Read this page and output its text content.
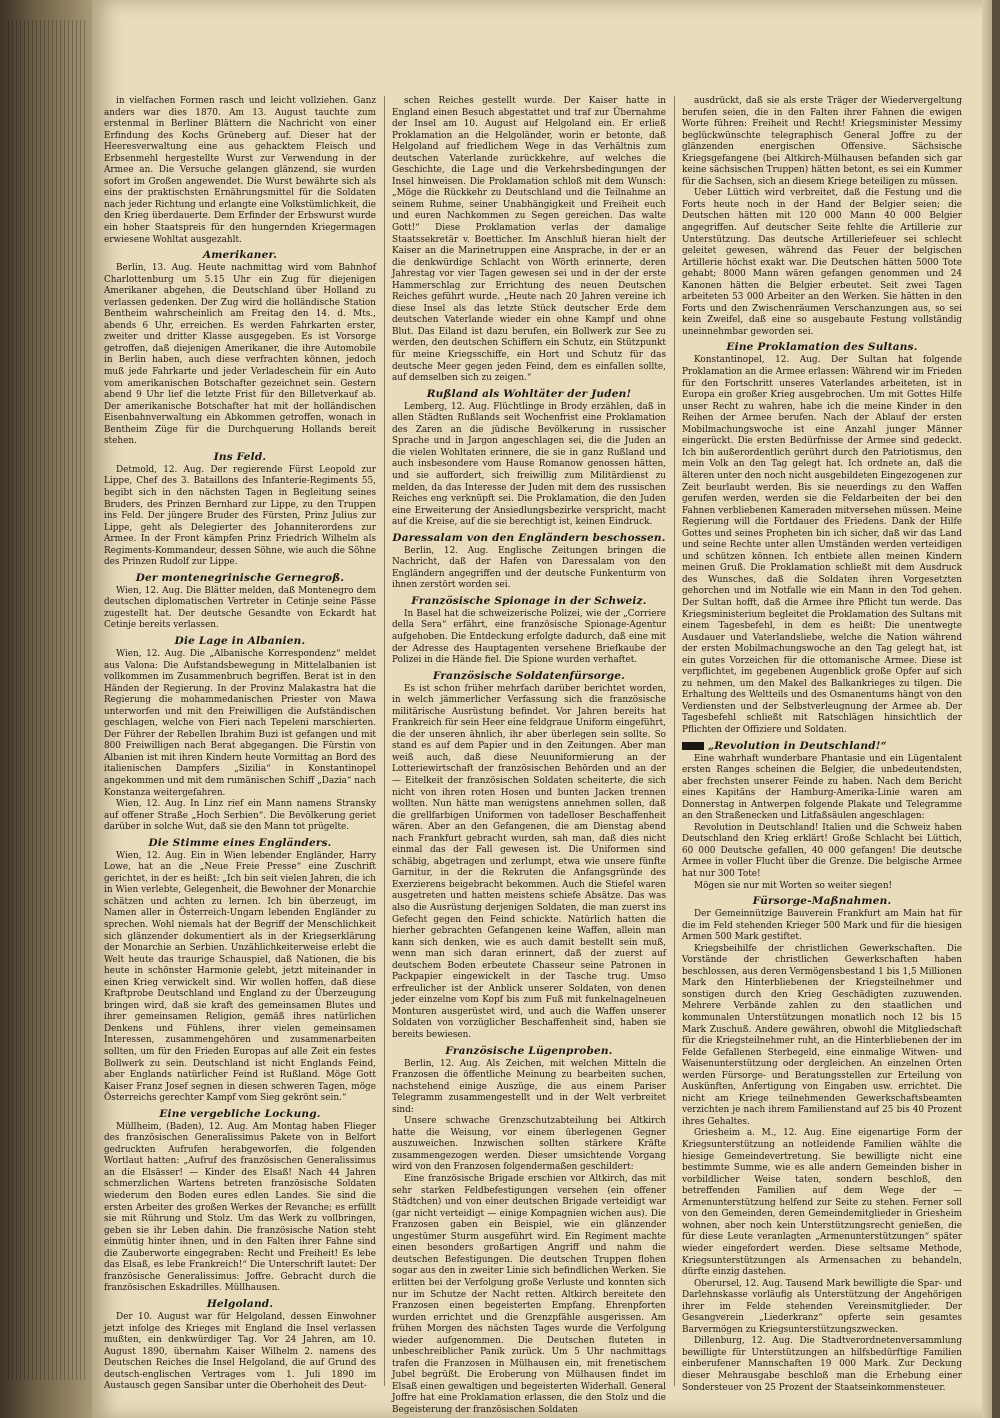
in vielfachen Formen rasch und leicht vollziehen. Ganz anders war dies 1870. Am 13. August tauchte zum erstenmal in Berliner Blättern die Nachricht von einer Erfindung des Kochs Grüneberg auf. Dieser hat der Heeresverwaltung eine aus gehacktem Fleisch und Erbsenmehl hergestellte Wurst zur Verwendung in der Armee an. Die Versuche gelangen glänzend, sie wurden sofort im Großen angewendet. Die Wurst bewährte sich als eins der praktischsten Ernährungsmittel für die Soldaten nach jeder Richtung und erlangte eine Volkstümlichkeit, die den Krieg überdauerte. Dem Erfinder der Erbswurst wurde ein hoher Staatspreis für den hungernden Kriegermagen erwiesene Wohltat ausgezahlt.

Amerikaner.

Berlin, 13. Aug. Heute nachmittag wird vom Bahnhof Charlottenburg um 5.15 Uhr ein Zug für diejenigen Amerikaner abgehen, die Deutschland über Holland zu verlassen gedenken. Der Zug wird die holländische Station Bentheim wahrscheinlich am Freitag den 14. d. Mts., abends 6 Uhr, erreichen. Es werden Fahrkarten erster, zweiter und dritter Klasse ausgegeben. Es ist Vorsorge getroffen, daß diejenigen Amerikaner, die ihre Automobile in Berlin haben, auch diese verfrachten können, jedoch muß jede Fahrkarte und jeder Verladeschein für ein Auto vom amerikanischen Botschafter gezeichnet sein. Gestern abend 9 Uhr lief die letzte Frist für den Billetverkauf ab. Der amerikanische Botschafter hat mit der holländischen Eisenbahnverwaltung ein Abkommen getroffen, wonach in Bentheim Züge für die Durchquerung Hollands bereit stehen.

Ins Feld.

Detmold, 12. Aug. Der regierende Fürst Leopold zur Lippe, Chef des 3. Bataillons des Infanterie-Regiments 55, begibt sich in den nächsten Tagen in Begleitung seines Bruders, des Prinzen Bernhard zur Lippe, zu den Truppen ins Feld. Der jüngere Bruder des Fürsten, Prinz Julius zur Lippe, geht als Delegierter des Johanniterordens zur Armee. In der Front kämpfen Prinz Friedrich Wilhelm als Regiments-Kommandeur, dessen Söhne, wie auch die Söhne des Prinzen Rudolf zur Lippe.

Der montenegrinische Gernegroß.

Wien, 12. Aug. Die Blätter melden, daß Montenegro dem deutschen diplomatischen Vertreter in Cetinje seine Pässe zugestellt hat. Der deutsche Gesandte von Eckardt hat Cetinje bereits verlassen.

Die Lage in Albanien.

Wien, 12. Aug. Die „Albanische Korrespondenz“ meldet aus Valona: Die Aufstandsbewegung in Mittelalbanien ist vollkommen im Zusammenbruch begriffen. Berat ist in den Händen der Regierung. In der Provinz Malakastra hat die Regierung die mohammedanischen Priester von Mawa unterworfen und mit den Freiwilligen die Aufständischen geschlagen, welche von Fieri nach Tepeleni marschierten. Der Führer der Rebellen Ibrahim Buzi ist gefangen und mit 800 Freiwilligen nach Berat abgegangen. Die Fürstin von Albanien ist mit ihren Kindern heute Vormittag an Bord des italienischen Dampfers „Sizilia“ in Konstantinopel angekommen und mit dem rumänischen Schiff „Dazia“ nach Konstanza weitergefahren.

Wien, 12. Aug. In Linz rief ein Mann namens Stransky auf offener Straße „Hoch Serbien“. Die Bevölkerung geriet darüber in solche Wut, daß sie den Mann tot prügelte.

Die Stimme eines Engländers.

Wien, 12. Aug. Ein in Wien lebender Engländer, Harry Lowe, hat an die „Neue Freie Presse“ eine Zuschrift gerichtet, in der es heißt: „Ich bin seit vielen Jahren, die ich in Wien verlebte, Gelegenheit, die Bewohner der Monarchie schätzen und achten zu lernen. Ich bin überzeugt, im Namen aller in Österreich-Ungarn lebenden Engländer zu sprechen. Wohl niemals hat der Begriff der Menschlichkeit sich glänzender dokumentiert als in der Kriegserklärung der Monarchie an Serbien. Unzählichkeiterweise erlebt die Welt heute das traurige Schauspiel, daß Nationen, die bis heute in schönster Harmonie gelebt, jetzt miteinander in einen Krieg verwickelt sind. Wir wollen hoffen, daß diese Kraftprobe Deutschland und England zu der Überzeugung bringen wird, daß sie kraft des gemeinsamen Blutes und ihrer gemeinsamen Religion, gemäß ihres natürlichen Denkens und Fühlens, ihrer vielen gemeinsamen Interessen, zusammengehören und zusammenarbeiten sollten, um für den Frieden Europas auf alle Zeit ein festes Bollwerk zu sein. Deutschland ist nicht Englands Feind, aber Englands natürlicher Feind ist Rußland. Möge Gott Kaiser Franz Josef segnen in diesen schweren Tagen, möge Österreichs gerechter Kampf vom Sieg gekrönt sein.“

Eine vergebliche Lockung.

Müllheim, (Baden), 12. Aug. Am Montag haben Flieger des französischen Generalissimus Pakete von in Belfort gedruckten Aufrufen herabgeworfen, die folgenden Wortlaut hatten: „Aufruf des französischen Generalissimus an die Elsässer! — Kinder des Elsaß! Nach 44 Jahren schmerzlichen Wartens betreten französische Soldaten wiederum den Boden eures edlen Landes. Sie sind die ersten Arbeiter des großen Werkes der Revanche; es erfüllt sie mit Rührung und Stolz. Um das Werk zu vollbringen, geben sie ihr Leben dahin. Die französische Nation steht einmütig hinter ihnen, und in den Falten ihrer Fahne sind die Zauberworte eingegraben: Recht und Freiheit! Es lebe das Elsaß, es lebe Frankreich!“ Die Unterschrift lautet: Der französische Generalissimus: Joffre. Gebracht durch die französischen Eskadrilles. Müllhausen.

Helgoland.

Der 10. August war für Helgoland, dessen Einwohner jetzt infolge des Krieges mit England die Insel verlassen mußten, ein denkwürdiger Tag. Vor 24 Jahren, am 10. August 1890, übernahm Kaiser Wilhelm 2. namens des Deutschen Reiches die Insel Helgoland, die auf Grund des deutsch-englischen Vertrages vom 1. Juli 1890 im Austausch gegen Sansibar unter die Oberhoheit des Deut-

schen Reiches gestellt wurde. Der Kaiser hatte in England einen Besuch abgestattet und traf zur Übernahme der Insel am 10. August auf Helgoland ein. Er erließ Proklamation an die Helgoländer, worin er betonte, daß Helgoland auf friedlichem Wege in das Verhältnis zum deutschen Vaterlande zurückkehre, auf welches die Geschichte, die Lage und die Verkehrsbedingungen der Insel hinweisen. Die Proklamation schloß mit dem Wunsch: „Möge die Rückkehr zu Deutschland und die Teilnahme an seinem Ruhme, seiner Unabhängigkeit und Freiheit euch und euren Nachkommen zu Segen gereichen. Das walte Gott!“ Diese Proklamation verlas der damalige Staatssekretär v. Boetticher. Im Anschluß hieran hielt der Kaiser an die Marinetruppen eine Ansprache, in der er an die denkwürdige Schlacht von Wörth erinnerte, deren Jahrestag vor vier Tagen gewesen sei und in der der erste Hammerschlag zur Errichtung des neuen Deutschen Reiches geführt wurde. „Heute nach 20 Jahren vereine ich diese Insel als das letzte Stück deutscher Erde dem deutschen Vaterlande wieder ein ohne Kampf und ohne Blut. Das Eiland ist dazu berufen, ein Bollwerk zur See zu werden, den deutschen Schiffern ein Schutz, ein Stützpunkt für meine Kriegsschiffe, ein Hort und Schutz für das deutsche Meer gegen jeden Feind, dem es einfallen sollte, auf demselben sich zu zeigen.“

Rußland als Wohltäter der Juden!

Lemberg, 12. Aug. Flüchtlinge in Brody erzählen, daß in allen Städten Rußlands seit Wochenfrist eine Proklamation des Zaren an die jüdische Bevölkerung in russischer Sprache und in Jargon angeschlagen sei, die die Juden an die vielen Wohltaten erinnere, die sie in ganz Rußland und auch insbesondere vom Hause Romanow genossen hätten, und sie auffordert, sich freiwillig zum Militärdienst zu melden, da das Interesse der Juden mit dem des russischen Reiches eng verknüpft sei. Die Proklamation, die den Juden eine Erweiterung der Ansiedlungsbezirke verspricht, macht auf die Kreise, auf die sie berechtigt ist, keinen Eindruck.

Daressalam von den Engländern beschossen.

Berlin, 12. Aug. Englische Zeitungen bringen die Nachricht, daß der Hafen von Daressalam von den Engländern angegriffen und der deutsche Funkenturm von ihnen zerstört worden sei.

Französische Spionage in der Schweiz.

In Basel hat die schweizerische Polizei, wie der „Corriere della Sera“ erfährt, eine französische Spionage-Agentur aufgehoben. Die Entdeckung erfolgte dadurch, daß eine mit der Adresse des Hauptagenten versehene Briefkaube der Polizei in die Hände fiel. Die Spione wurden verhaftet.

Französische Soldatenfürsorge.

Es ist schon früher mehrfach darüber berichtet worden, in welch jämmerlicher Verfassung sich die französische militärische Ausrüstung befindet. Vor Jahren bereits hat Frankreich für sein Heer eine feldgraue Uniform eingeführt, die der unseren ähnlich, ihr aber überlegen sein sollte. So stand es auf dem Papier und in den Zeitungen. Aber man weiß auch, daß diese Neuuniformierung an der Lotteriewirtschaft der französischen Behörden und an der — Eitelkeit der französischen Soldaten scheiterte, die sich nicht von ihren roten Hosen und bunten Jacken trennen wollten. Nun hätte man wenigstens annehmen sollen, daß die grellfarbigen Uniformen von tadelloser Beschaffenheit wären. Aber an den Gefangenen, die am Dienstag abend nach Frankfurt gebracht wurden, sah man, daß dies nicht einmal das der Fall gewesen ist. Die Uniformen sind schäbig, abgetragen und zerlumpt, etwa wie unsere fünfte Garnitur, in der die Rekruten die Anfangsgründe des Exerzierens beigebracht bekommen. Auch die Stiefel waren ausgetreten und hatten meistens schiefe Absätze. Das was also die Ausrüstung derjenigen Soldaten, die man zuerst ins Gefecht gegen den Feind schickte. Natürlich hatten die hierher gebrachten Gefangenen keine Waffen, allein man kann sich denken, wie es auch damit bestellt sein muß, wenn man sich daran erinnert, daß der zuerst auf deutschem Boden erbeutete Chasseur seine Patronen in Packpapier eingewickelt in der Tasche trug. Umso erfreulicher ist der Anblick unserer Soldaten, von denen jeder einzelne vom Kopf bis zum Fuß mit funkelnagelneuen Monturen ausgerüstet wird, und auch die Waffen unserer Soldaten von vorzüglicher Beschaffenheit sind, haben sie bereits bewiesen.

Französische Lügenproben.

Berlin, 12. Aug. Als Zeichen, mit welchen Mitteln die Franzosen die öffentliche Meinung zu bearbeiten suchen, nachstehend einige Auszüge, die aus einem Pariser Telegramm zusammengestellt und in der Welt verbreitet sind:

Unsere schwache Grenzschutzabteilung bei Altkirch hatte die Weisung, vor einem überlegenen Gegner auszuweichen. Inzwischen sollten stärkere Kräfte zusammengezogen werden. Dieser umsichtende Vorgang wird von den Franzosen folgendermaßen geschildert:

Eine französische Brigade erschien vor Altkirch, das mit sehr starken Feldbefestigungen versehen (ein offener Städtchen) und von einer deutschen Brigade verteidigt war (gar nicht verteidigt — einige Kompagnien wichen aus). Die Franzosen gaben ein Beispiel, wie ein glänzender ungestümer Sturm ausgeführt wird. Ein Regiment machte einen besonders großartigen Angriff und nahm die deutschen Befestigungen. Die deutschen Truppen flohen sogar aus den in zweiter Linie sich befindlichen Werken. Sie erlitten bei der Verfolgung große Verluste und konnten sich nur im Schutze der Nacht retten. Altkirch bereitete den Franzosen einen begeisterten Empfang. Ehrenpforten wurden errichtet und die Grenzpfähle ausgerissen. Am frühen Morgen des nächsten Tages wurde die Verfolgung wieder aufgenommen. Die Deutschen fluteten in unbeschreiblicher Panik zurück. Um 5 Uhr nachmittags trafen die Franzosen in Mülhausen ein, mit frenetischem Jubel begrüßt. Die Eroberung von Mülhausen findet im Elsaß einen gewaltigen und begeisterten Widerhall. General Joffre hat eine Proklamation erlassen, die den Stolz und die Begeisterung der französischen Soldaten

ausdrückt, daß sie als erste Träger der Wiedervergeltung berufen seien, die in den Falten ihrer Fahnen die ewigen Worte führen: Freiheit und Recht! Kriegsminister Messimy beglückwünschte telegraphisch General Joffre zu der glänzenden energischen Offensive. Sächsische Kriegsgefangene (bei Altkirch-Mülhausen befanden sich gar keine sächsischen Truppen) hätten betont, es sei ein Kummer für die Sachsen, sich an diesem Kriege beteiligen zu müssen.

Ueber Lüttich wird verbreitet, daß die Festung und die Forts heute noch in der Hand der Belgier seien; die Deutschen hätten mit 120 000 Mann 40 000 Belgier angegriffen. Auf deutscher Seite fehlte die Artillerie zur Unterstützung. Das deutsche Artilleriefeuer sei schlecht geleitet gewesen, während das Feuer der belgischen Artillerie höchst exakt war. Die Deutschen hätten 5000 Tote gehabt; 8000 Mann wären gefangen genommen und 24 Kanonen hätten die Belgier erbeutet. Seit zwei Tagen arbeiteten 53 000 Arbeiter an den Werken. Sie hätten in den Forts und den Zwischenräumen Verschanzungen aus, so sei kein Zweifel, daß eine so ausgebaute Festung vollständig uneinnehmbar geworden sei.

Eine Proklamation des Sultans.

Konstantinopel, 12. Aug. Der Sultan hat folgende Proklamation an die Armee erlassen: Während wir im Frieden für den Fortschritt unseres Vaterlandes arbeiteten, ist in Europa ein großer Krieg ausgebrochen. Um mit Gottes Hilfe unser Recht zu wahren, habe ich die meine Kinder in den Reihen der Armee berufen. Nach der Ablauf der ersten Mobilmachungswoche ist eine Anzahl junger Männer eingerückt. Die ersten Bedürfnisse der Armee sind gedeckt. Ich bin außerordentlich gerührt durch den Patriotismus, den mein Volk an den Tag gelegt hat. Ich ordnete an, daß die älteren unter den noch nicht ausgebildeten Eingezogenen zur Zeit beurlaubt werden. Bis sie neuerdings zu den Waffen gerufen werden, werden sie die Feldarbeiten der bei den Fahnen verbliebenen Kameraden mitversehen müssen. Meine Regierung will die Fortdauer des Friedens. Dank der Hilfe Gottes und seines Propheten bin ich sicher, daß wir das Land und seine Rechte unter allen Umständen werden verteidigen und schützen können. Ich entbiete allen meinen Kindern meinen Gruß. Die Proklamation schließt mit dem Ausdruck des Wunsches, daß die Soldaten ihren Vorgesetzten gehorchen und im Notfalle wie ein Mann in den Tod gehen. Der Sultan hofft, daß die Armee ihre Pflicht tun werde. Das Kriegsministerium begleitet die Proklamation des Sultans mit einem Tagesbefehl, in dem es heißt: Die unentwegte Ausdauer und Vaterlandsliebe, welche die Nation während der ersten Mobilmachungswoche an den Tag gelegt hat, ist ein gutes Vorzeichen für die ottomanische Armee. Diese ist verpflichtet, im gegebenen Augenblick große Opfer auf sich zu nehmen, um den Makel des Balkankrieges zu tilgen. Die Erhaltung des Weltteils und des Osmanentums hängt von den Verdiensten und der Selbstverleugnung der Armee ab. Der Tagesbefehl schließt mit Ratschlägen hinsichtlich der Pflichten der Offiziere und Soldaten.

„Revolution in Deutschland!“

Eine wahrhaft wunderbare Phantasie und ein Lügentalent ersten Ranges scheinen die Belgier, die unbedeutendsten, aber frechsten unserer Feinde zu haben. Nach dem Bericht eines Kapitäns der Hamburg-Amerika-Linie waren am Donnerstag in Antwerpen folgende Plakate und Telegramme an den Straßenecken und Litfaßsäulen angeschlagen:

Revolution in Deutschland! Italien und die Schweiz haben Deutschland den Krieg erklärt! Große Schlacht bei Lüttich, 60 000 Deutsche gefallen, 40 000 gefangen! Die deutsche Armee in voller Flucht über die Grenze. Die belgische Armee hat nur 300 Tote!

Mögen sie nur mit Worten so weiter siegen!

Fürsorge-Maßnahmen.

Der Gemeinnützige Bauverein Frankfurt am Main hat für die im Feld stehenden Krieger 500 Mark und für die hiesigen Armen 500 Mark gestiftet.

Kriegsbeihilfe der christlichen Gewerkschaften. Die Vorstände der christlichen Gewerkschaften haben beschlossen, aus deren Vermögensbestand 1 bis 1,5 Millionen Mark den Hinterbliebenen der Kriegsteilnehmer und sonstigen durch den Krieg Geschädigten zuzuwenden. Mehrere Verbände zahlen zu den staatlichen und kommunalen Unterstützungen monatlich noch 12 bis 15 Mark Zuschuß. Andere gewähren, obwohl die Mitgliedschaft für die Kriegsteilnehmer ruht, an die Hinterbliebenen der im Felde Gefallenen Sterbegeld, eine einmalige Witwen- und Waisenunterstützung oder dergleichen. An einzelnen Orten werden Fürsorge- und Beratungsstellen zur Erteilung von Auskünften, Anfertigung von Eingaben usw. errichtet. Die nicht am Kriege teilnehmenden Gewerkschaftsbeamten verzichten je nach ihrem Familienstand auf 25 bis 40 Prozent ihres Gehaltes.

Griesheim a. M., 12. Aug. Eine eigenartige Form der Kriegsunterstützung an notleidende Familien wählte die hiesige Gemeindevertretung. Sie bewilligte nicht eine bestimmte Summe, wie es alle andern Gemeinden bisher in vorbildlicher Weise taten, sondern beschloß, den betreffenden Familien auf dem Wege der — Armenunterstützung helfend zur Seite zu stehen. Ferner soll von den Gemeinden, deren Gemeindemitglieder in Griesheim wohnen, aber noch kein Unterstützungsrecht genießen, die für diese Leute veranlagten „Armenunterstützungen“ später wieder eingefordert werden. Diese seltsame Methode, Kriegsunterstützungen als Armensachen zu behandeln, dürfte einzig dastehen.

Oberursel, 12. Aug. Tausend Mark bewilligte die Spar- und Darlehnskasse vorläufig als Unterstützung der Angehörigen ihrer im Felde stehenden Vereinsmitglieder. Der Gesangverein „Liederkranz“ opferte sein gesamtes Barvermögen zu Kriegsunterstützungszwecken.

Dillenburg, 12. Aug. Die Stadtverordnetenversammlung bewilligte für Unterstützungen an hilfsbedürftige Familien einberufener Mannschaften 19 000 Mark. Zur Deckung dieser Mehrausgabe beschloß man die Erhebung einer Sondersteuer von 25 Prozent der Staatseinkommensteuer.
